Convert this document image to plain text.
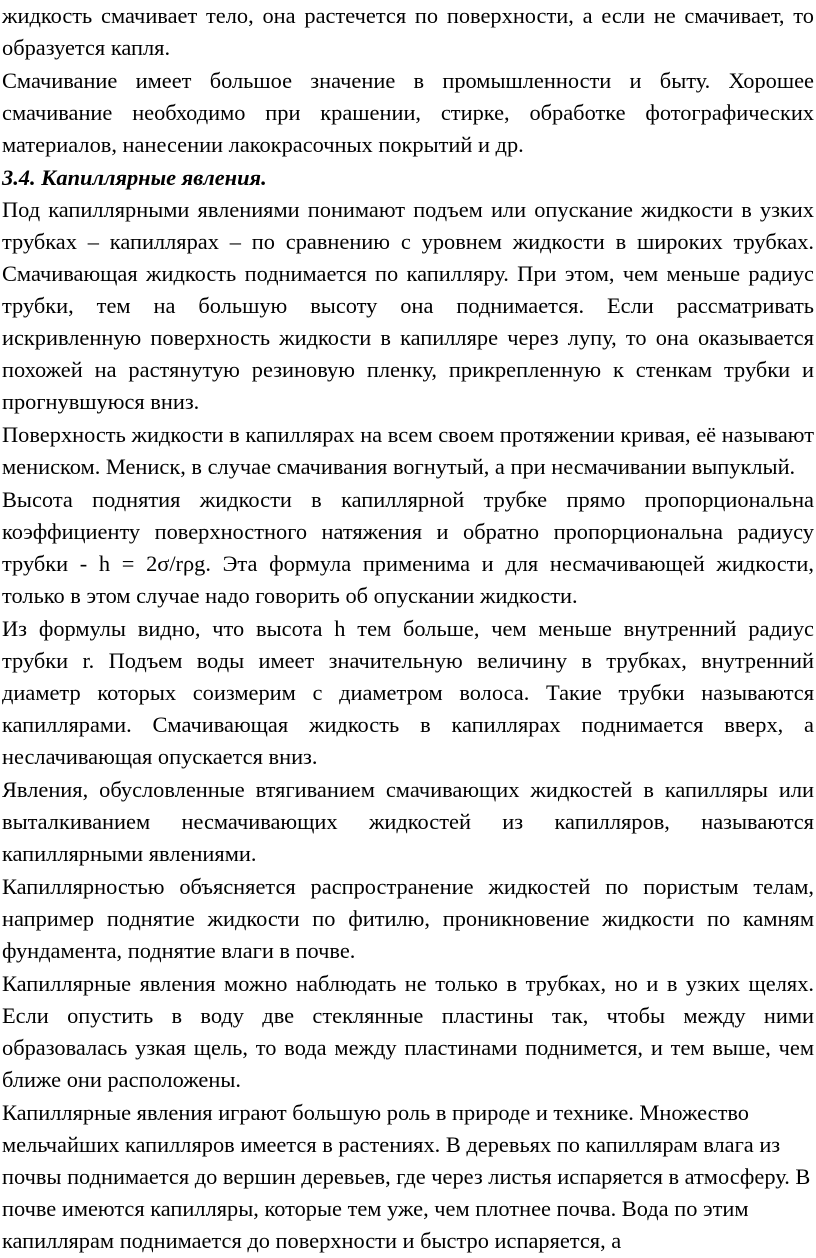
жидкость смачивает тело, она растечется по поверхности, а если не смачивает, то образуется капля.

Смачивание имеет большое значение в промышленности и быту. Хорошее смачивание необходимо при крашении, стирке, обработке фотографических материалов, нанесении лакокрасочных покрытий и др.

3.4. Капиллярные явления.

Под капиллярными явлениями понимают подъем или опускание жидкости в узких трубках – капиллярах – по сравнению с уровнем жидкости в широких трубках. Смачивающая жидкость поднимается по капилляру. При этом, чем меньше радиус трубки, тем на большую высоту она поднимается. Если рассматривать искривленную поверхность жидкости в капилляре через лупу, то она оказывается похожей на растянутую резиновую пленку, прикрепленную к стенкам трубки и прогнувшуюся вниз.

Поверхность жидкости в капиллярах на всем своем протяжении кривая, её называют мениском. Мениск, в случае смачивания вогнутый, а при несмачивании выпуклый.

Высота поднятия жидкости в капиллярной трубке прямо пропорциональна коэффициенту поверхностного натяжения и обратно пропорциональна радиусу трубки - h = 2σ/rρg. Эта формула применима и для несмачивающей жидкости, только в этом случае надо говорить об опускании жидкости.

Из формулы видно, что высота h тем больше, чем меньше внутренний радиус трубки r. Подъем воды имеет значительную величину в трубках, внутренний диаметр которых соизмерим с диаметром волоса. Такие трубки называются капиллярами. Смачивающая жидкость в капиллярах поднимается вверх, а неслачивающая опускается вниз.

Явления, обусловленные втягиванием смачивающих жидкостей в капилляры или выталкиванием несмачивающих жидкостей из капилляров, называются капиллярными явлениями.

Капиллярностью объясняется распространение жидкостей по пористым телам, например поднятие жидкости по фитилю, проникновение жидкости по камням фундамента, поднятие влаги в почве.

Капиллярные явления можно наблюдать не только в трубках, но и в узких щелях. Если опустить в воду две стеклянные пластины так, чтобы между ними образовалась узкая щель, то вода между пластинами поднимется, и тем выше, чем ближе они расположены.

Капиллярные явления играют большую роль в природе и технике. Множество мельчайших капилляров имеется в растениях. В деревьях по капиллярам влага из почвы поднимается до вершин деревьев, где через листья испаряется в атмосферу. В почве имеются капилляры, которые тем уже, чем плотнее почва. Вода по этим капиллярам поднимается до поверхности и быстро испаряется, а
